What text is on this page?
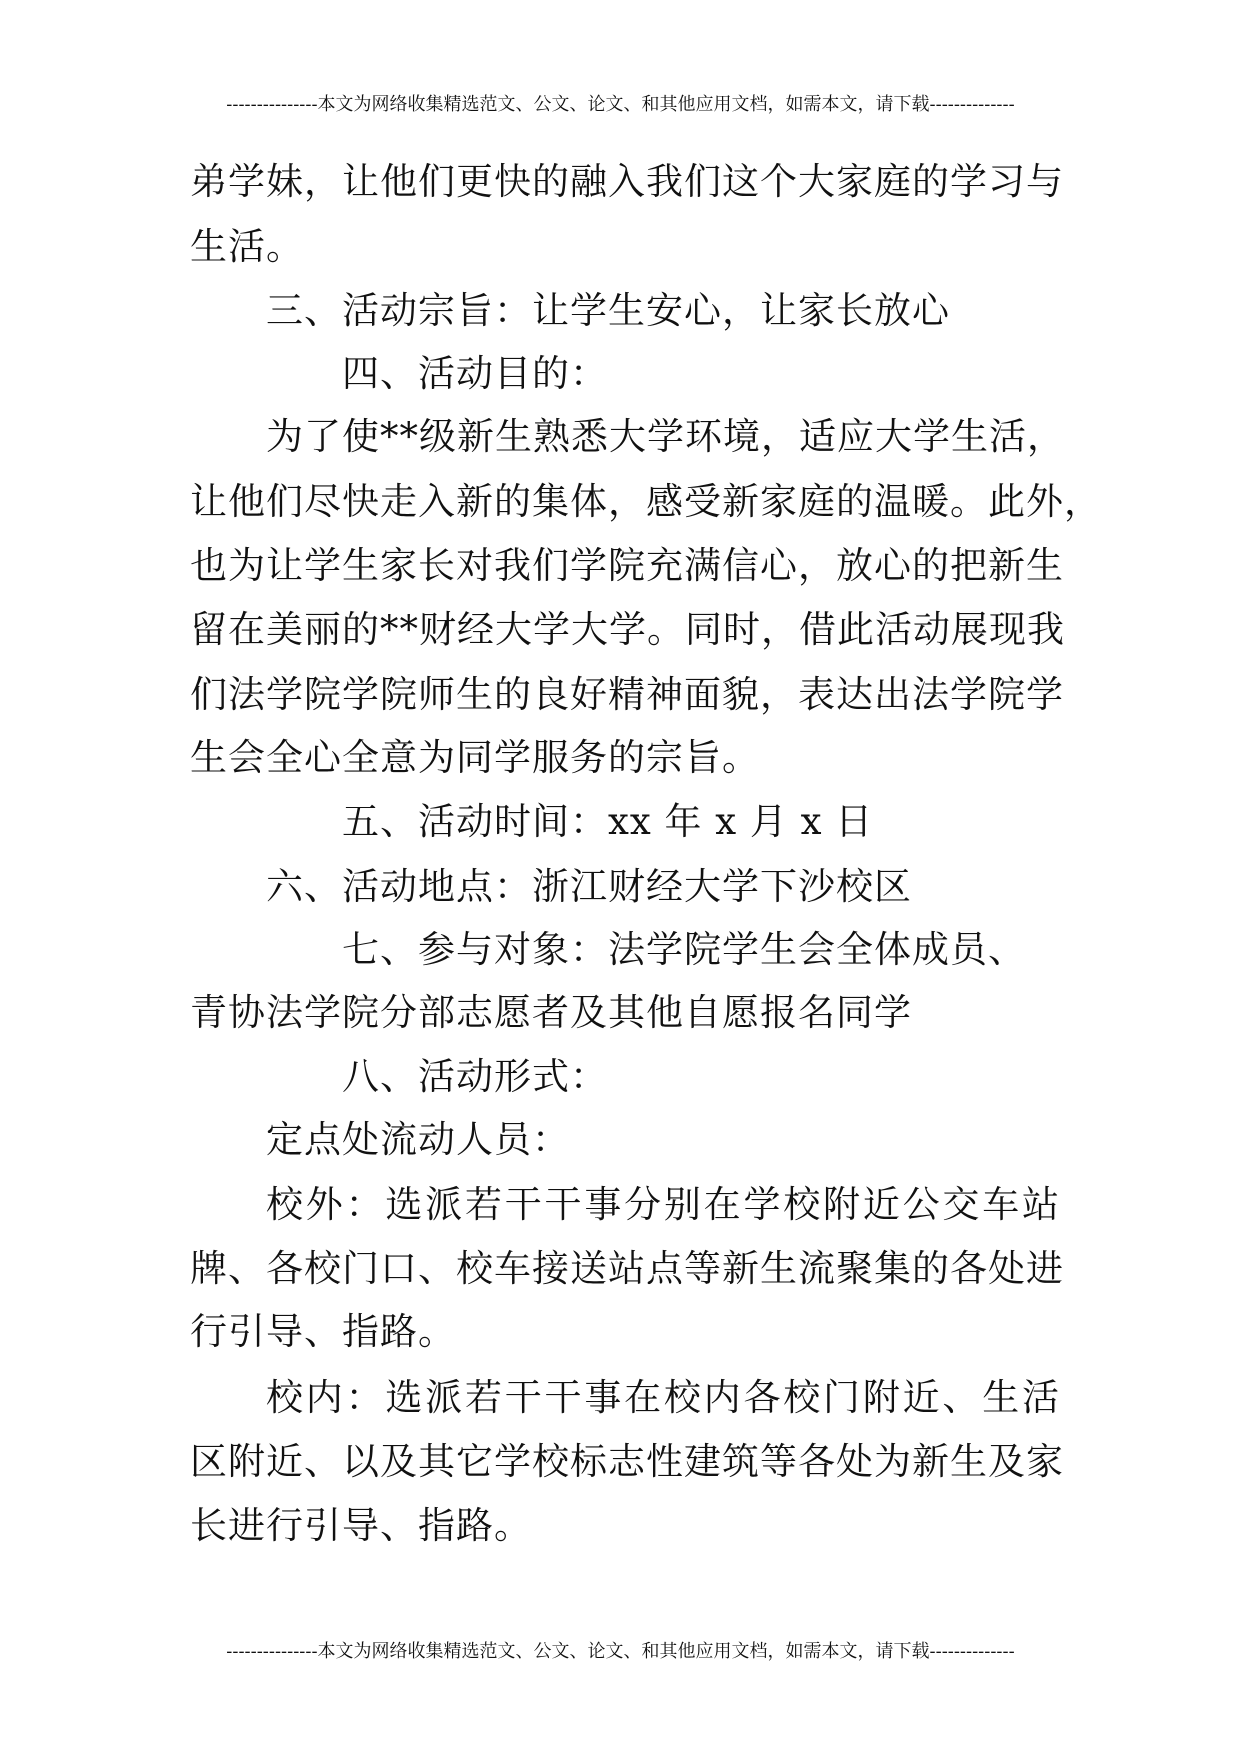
---------------本文为网络收集精选范文、公文、论文、和其他应用文档，如需本文，请下载--------------
弟学妹，让他们更快的融入我们这个大家庭的学习与
生活。
三、活动宗旨：让学生安心，让家长放心
四、活动目的：
为了使**级新生熟悉大学环境，适应大学生活，
让他们尽快走入新的集体，感受新家庭的温暖。此外，
也为让学生家长对我们学院充满信心，放心的把新生
留在美丽的**财经大学大学。同时，借此活动展现我
们法学院学院师生的良好精神面貌，表达出法学院学
生会全心全意为同学服务的宗旨。
五、活动时间：xx 年 x 月 x 日
六、活动地点：浙江财经大学下沙校区
七、参与对象：法学院学生会全体成员、
青协法学院分部志愿者及其他自愿报名同学
八、活动形式：
定点处流动人员：
校外：选派若干干事分别在学校附近公交车站
牌、各校门口、校车接送站点等新生流聚集的各处进
行引导、指路。
校内：选派若干干事在校内各校门附近、生活
区附近、以及其它学校标志性建筑等各处为新生及家
长进行引导、指路。
---------------本文为网络收集精选范文、公文、论文、和其他应用文档，如需本文，请下载--------------
